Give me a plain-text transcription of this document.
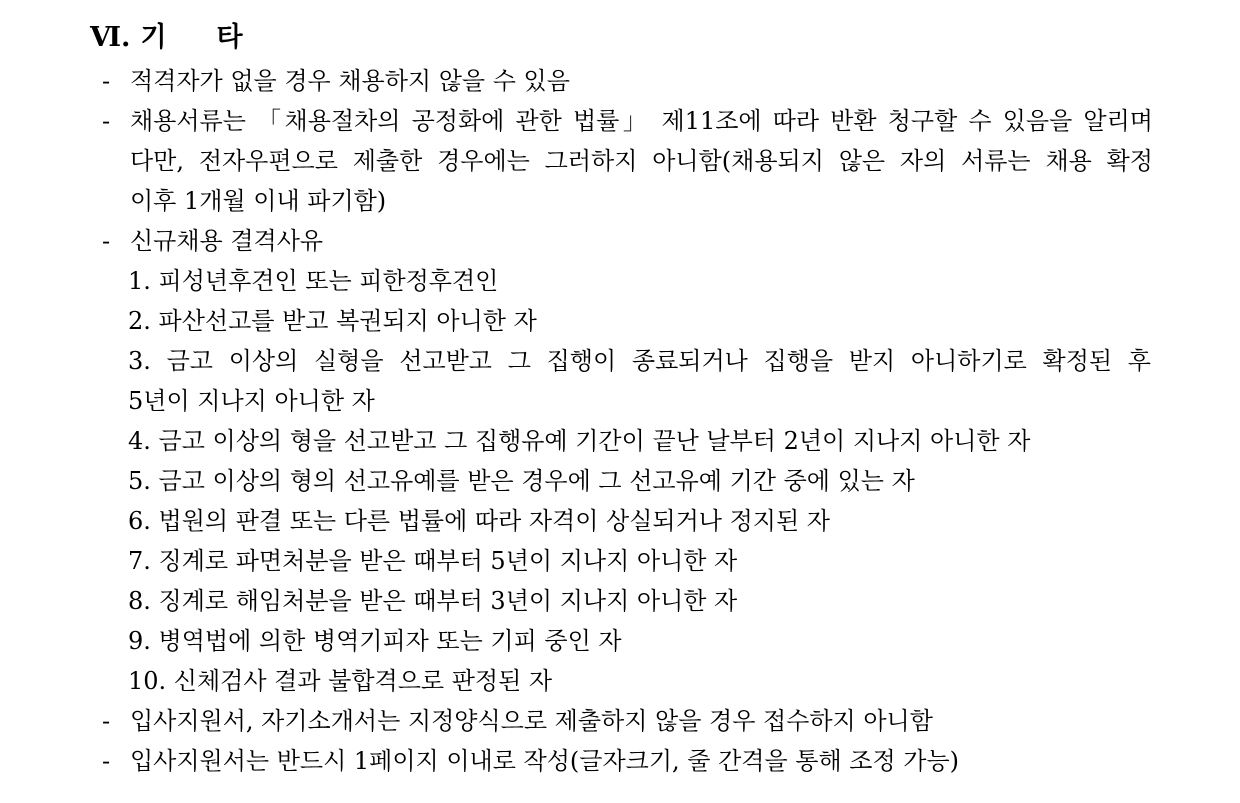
Ⅵ. 기 타
- 적격자가 없을 경우 채용하지 않을 수 있음
- 채용서류는 「채용절차의 공정화에 관한 법률」 제11조에 따라 반환 청구할 수 있음을 알리며
다만, 전자우편으로 제출한 경우에는 그러하지 아니함(채용되지 않은 자의 서류는 채용 확정
이후 1개월 이내 파기함)
- 신규채용 결격사유
1. 피성년후견인 또는 피한정후견인
2. 파산선고를 받고 복권되지 아니한 자
3. 금고 이상의 실형을 선고받고 그 집행이 종료되거나 집행을 받지 아니하기로 확정된 후
5년이 지나지 아니한 자
4. 금고 이상의 형을 선고받고 그 집행유예 기간이 끝난 날부터 2년이 지나지 아니한 자
5. 금고 이상의 형의 선고유예를 받은 경우에 그 선고유예 기간 중에 있는 자
6. 법원의 판결 또는 다른 법률에 따라 자격이 상실되거나 정지된 자
7. 징계로 파면처분을 받은 때부터 5년이 지나지 아니한 자
8. 징계로 해임처분을 받은 때부터 3년이 지나지 아니한 자
9. 병역법에 의한 병역기피자 또는 기피 중인 자
10. 신체검사 결과 불합격으로 판정된 자
- 입사지원서, 자기소개서는 지정양식으로 제출하지 않을 경우 접수하지 아니함
- 입사지원서는 반드시 1페이지 이내로 작성(글자크기, 줄 간격을 통해 조정 가능)
